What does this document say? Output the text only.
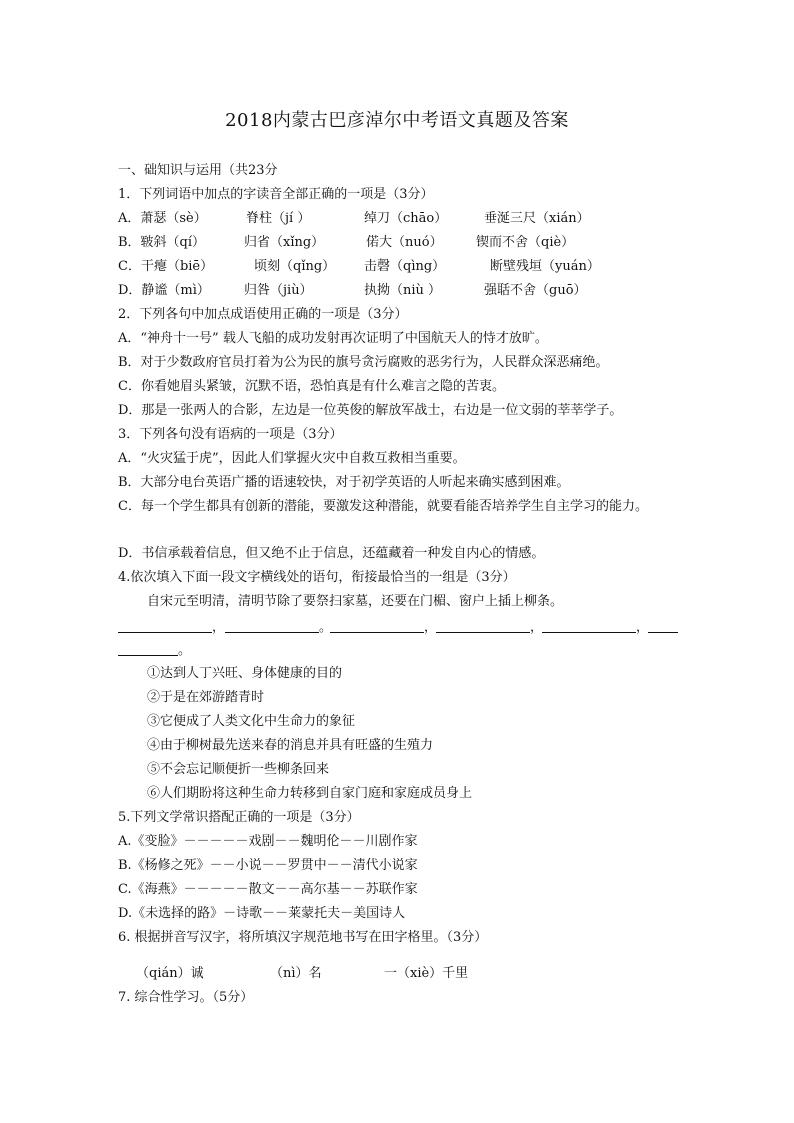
2018内蒙古巴彦淖尔中考语文真题及答案
一、础知识与运用（共23分
1．下列词语中加点的字读音全部正确的一项是（3分）

A．萧瑟（sè）

	脊柱（jí ）

	绰刀（chāo）

	垂涎三尺（xián）

B．皲斜（qí）

	归省（xǐng）

	偌大（nuó）

	锲而不舍（qiè）

C．干瘪（biē）

	顷刻（qǐng）

击磬（qìng）

	断壁残垣（yuán）

D．静谧（mì）

	归咎（jiù）

	执拗（niù ）

	强聒不舍（guō）

2．下列各句中加点成语使用正确的一项是（3分）
A．“神舟十一号” 载人飞船的成功发射再次证明了中国航天人的恃才放旷。
B．对于少数政府官员打着为公为民的旗号贪污腐败的恶劣行为，人民群众深恶痛绝。
C．你看她眉头紧皱，沉默不语，恐怕真是有什么难言之隐的苦衷。
D．那是一张两人的合影，左边是一位英俊的解放军战士，右边是一位文弱的莘莘学子。
3．下列各句没有语病的一项是（3分）
A．“火灾猛于虎”，因此人们掌握火灾中自救互救相当重要。
B．大部分电台英语广播的语速较快，对于初学英语的人听起来确实感到困难。
C．每一个学生都具有创新的潜能，要激发这种潜能，就要看能否培养学生自主学习的能力。
D．书信承载着信息，但又绝不止于信息，还蕴藏着一种发自内心的情感。
4.依次填入下面一段文字横线处的语句，衔接最恰当的一组是（3分）
自宋元至明清，清明节除了要祭扫家墓，还要在门楣、窗户上插上柳条。

，

	。

	，

	，

	，

。

①达到人丁兴旺、身体健康的目的
②于是在郊游踏青时
③它便成了人类文化中生命力的象征
④由于柳树最先送来春的消息并具有旺盛的生殖力
⑤不会忘记顺便折一些柳条回来
⑥人们期盼将这种生命力转移到自家门庭和家庭成员身上
5.下列文学常识搭配正确的一项是（3分）
A.《变脸》－－－－－戏剧－－魏明伦－－川剧作家
B.《杨修之死》－－小说－－罗贯中－－清代小说家
C.《海燕》－－－－－散文－－高尔基－－苏联作家
D.《未选择的路》－诗歌－－莱蒙托夫－美国诗人
6. 根据拼音写汉字，将所填汉字规范地书写在田字格里。（3分）

（qián）诚

	（nì）名

	一（xiè）千里

7. 综合性学习。（5分）
